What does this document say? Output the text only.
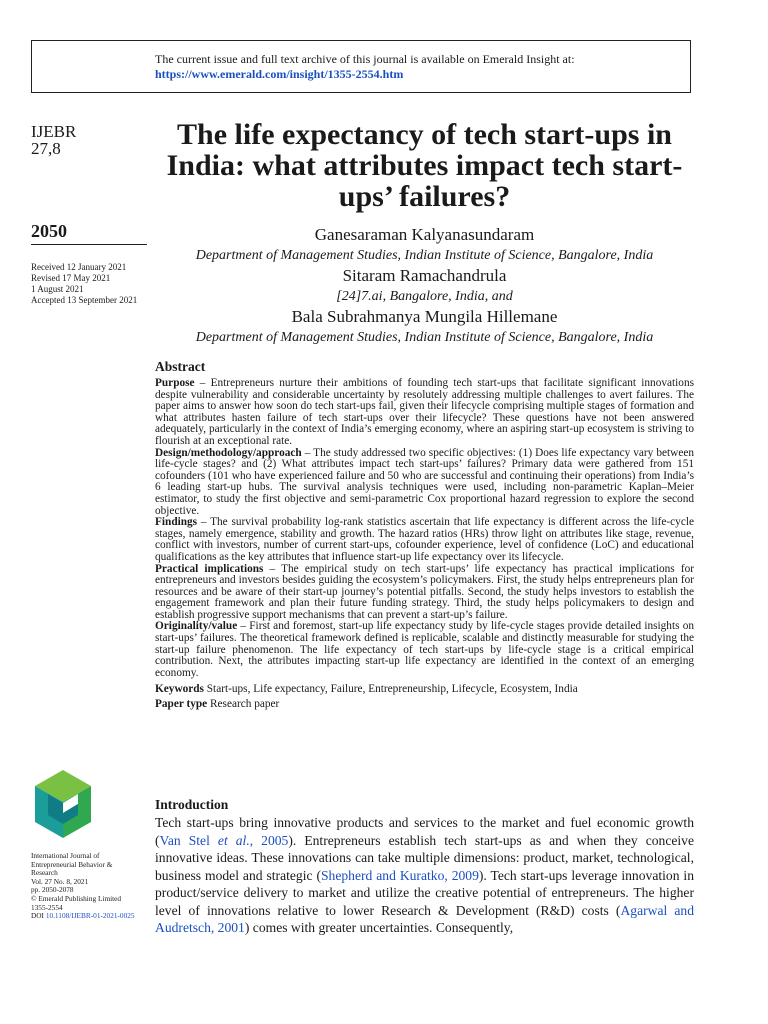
The current issue and full text archive of this journal is available on Emerald Insight at:
https://www.emerald.com/insight/1355-2554.htm
IJEBR
27,8
2050
Received 12 January 2021
Revised 17 May 2021
1 August 2021
Accepted 13 September 2021
International Journal of
Entrepreneurial Behavior &
Research
Vol. 27 No. 8, 2021
pp. 2050-2078
© Emerald Publishing Limited
1355-2554
DOI 10.1108/IJEBR-01-2021-0025
The life expectancy of tech start-ups in India: what attributes impact tech start-ups’ failures?
Ganesaraman Kalyanasundaram
Department of Management Studies, Indian Institute of Science, Bangalore, India
Sitaram Ramachandrula
[24]7.ai, Bangalore, India, and
Bala Subrahmanya Mungila Hillemane
Department of Management Studies, Indian Institute of Science, Bangalore, India
Abstract

Purpose – Entrepreneurs nurture their ambitions of founding tech start-ups that facilitate significant innovations despite vulnerability and considerable uncertainty by resolutely addressing multiple challenges to avert failures. The paper aims to answer how soon do tech start-ups fail, given their lifecycle comprising multiple stages of formation and what attributes hasten failure of tech start-ups over their lifecycle? These questions have not been answered adequately, particularly in the context of India’s emerging economy, where an aspiring start-up ecosystem is striving to flourish at an exceptional rate.

Design/methodology/approach – The study addressed two specific objectives: (1) Does life expectancy vary between life-cycle stages? and (2) What attributes impact tech start-ups’ failures? Primary data were gathered from 151 cofounders (101 who have experienced failure and 50 who are successful and continuing their operations) from India’s 6 leading start-up hubs. The survival analysis techniques were used, including non-parametric Kaplan–Meier estimator, to study the first objective and semi-parametric Cox proportional hazard regression to explore the second objective.

Findings – The survival probability log-rank statistics ascertain that life expectancy is different across the life-cycle stages, namely emergence, stability and growth. The hazard ratios (HRs) throw light on attributes like stage, revenue, conflict with investors, number of current start-ups, cofounder experience, level of confidence (LoC) and educational qualifications as the key attributes that influence start-up life expectancy over its lifecycle.

Practical implications – The empirical study on tech start-ups’ life expectancy has practical implications for entrepreneurs and investors besides guiding the ecosystem’s policymakers. First, the study helps entrepreneurs plan for resources and be aware of their start-up journey’s potential pitfalls. Second, the study helps investors to establish the engagement framework and plan their future funding strategy. Third, the study helps policymakers to design and establish progressive support mechanisms that can prevent a start-up’s failure.

Originality/value – First and foremost, start-up life expectancy study by life-cycle stages provide detailed insights on start-ups’ failures. The theoretical framework defined is replicable, scalable and distinctly measurable for studying the start-up failure phenomenon. The life expectancy of tech start-ups by life-cycle stage is a critical empirical contribution. Next, the attributes impacting start-up life expectancy are identified in the context of an emerging economy.

Keywords Start-ups, Life expectancy, Failure, Entrepreneurship, Lifecycle, Ecosystem, India

Paper type Research paper

Introduction

Tech start-ups bring innovative products and services to the market and fuel economic growth (Van Stel et al., 2005). Entrepreneurs establish tech start-ups as and when they conceive innovative ideas. These innovations can take multiple dimensions: product, market, technological, business model and strategic (Shepherd and Kuratko, 2009). Tech start-ups leverage innovation in product/service delivery to market and utilize the creative potential of entrepreneurs. The higher level of innovations relative to lower Research & Development (R&D) costs (Agarwal and Audretsch, 2001) comes with greater uncertainties. Consequently,
